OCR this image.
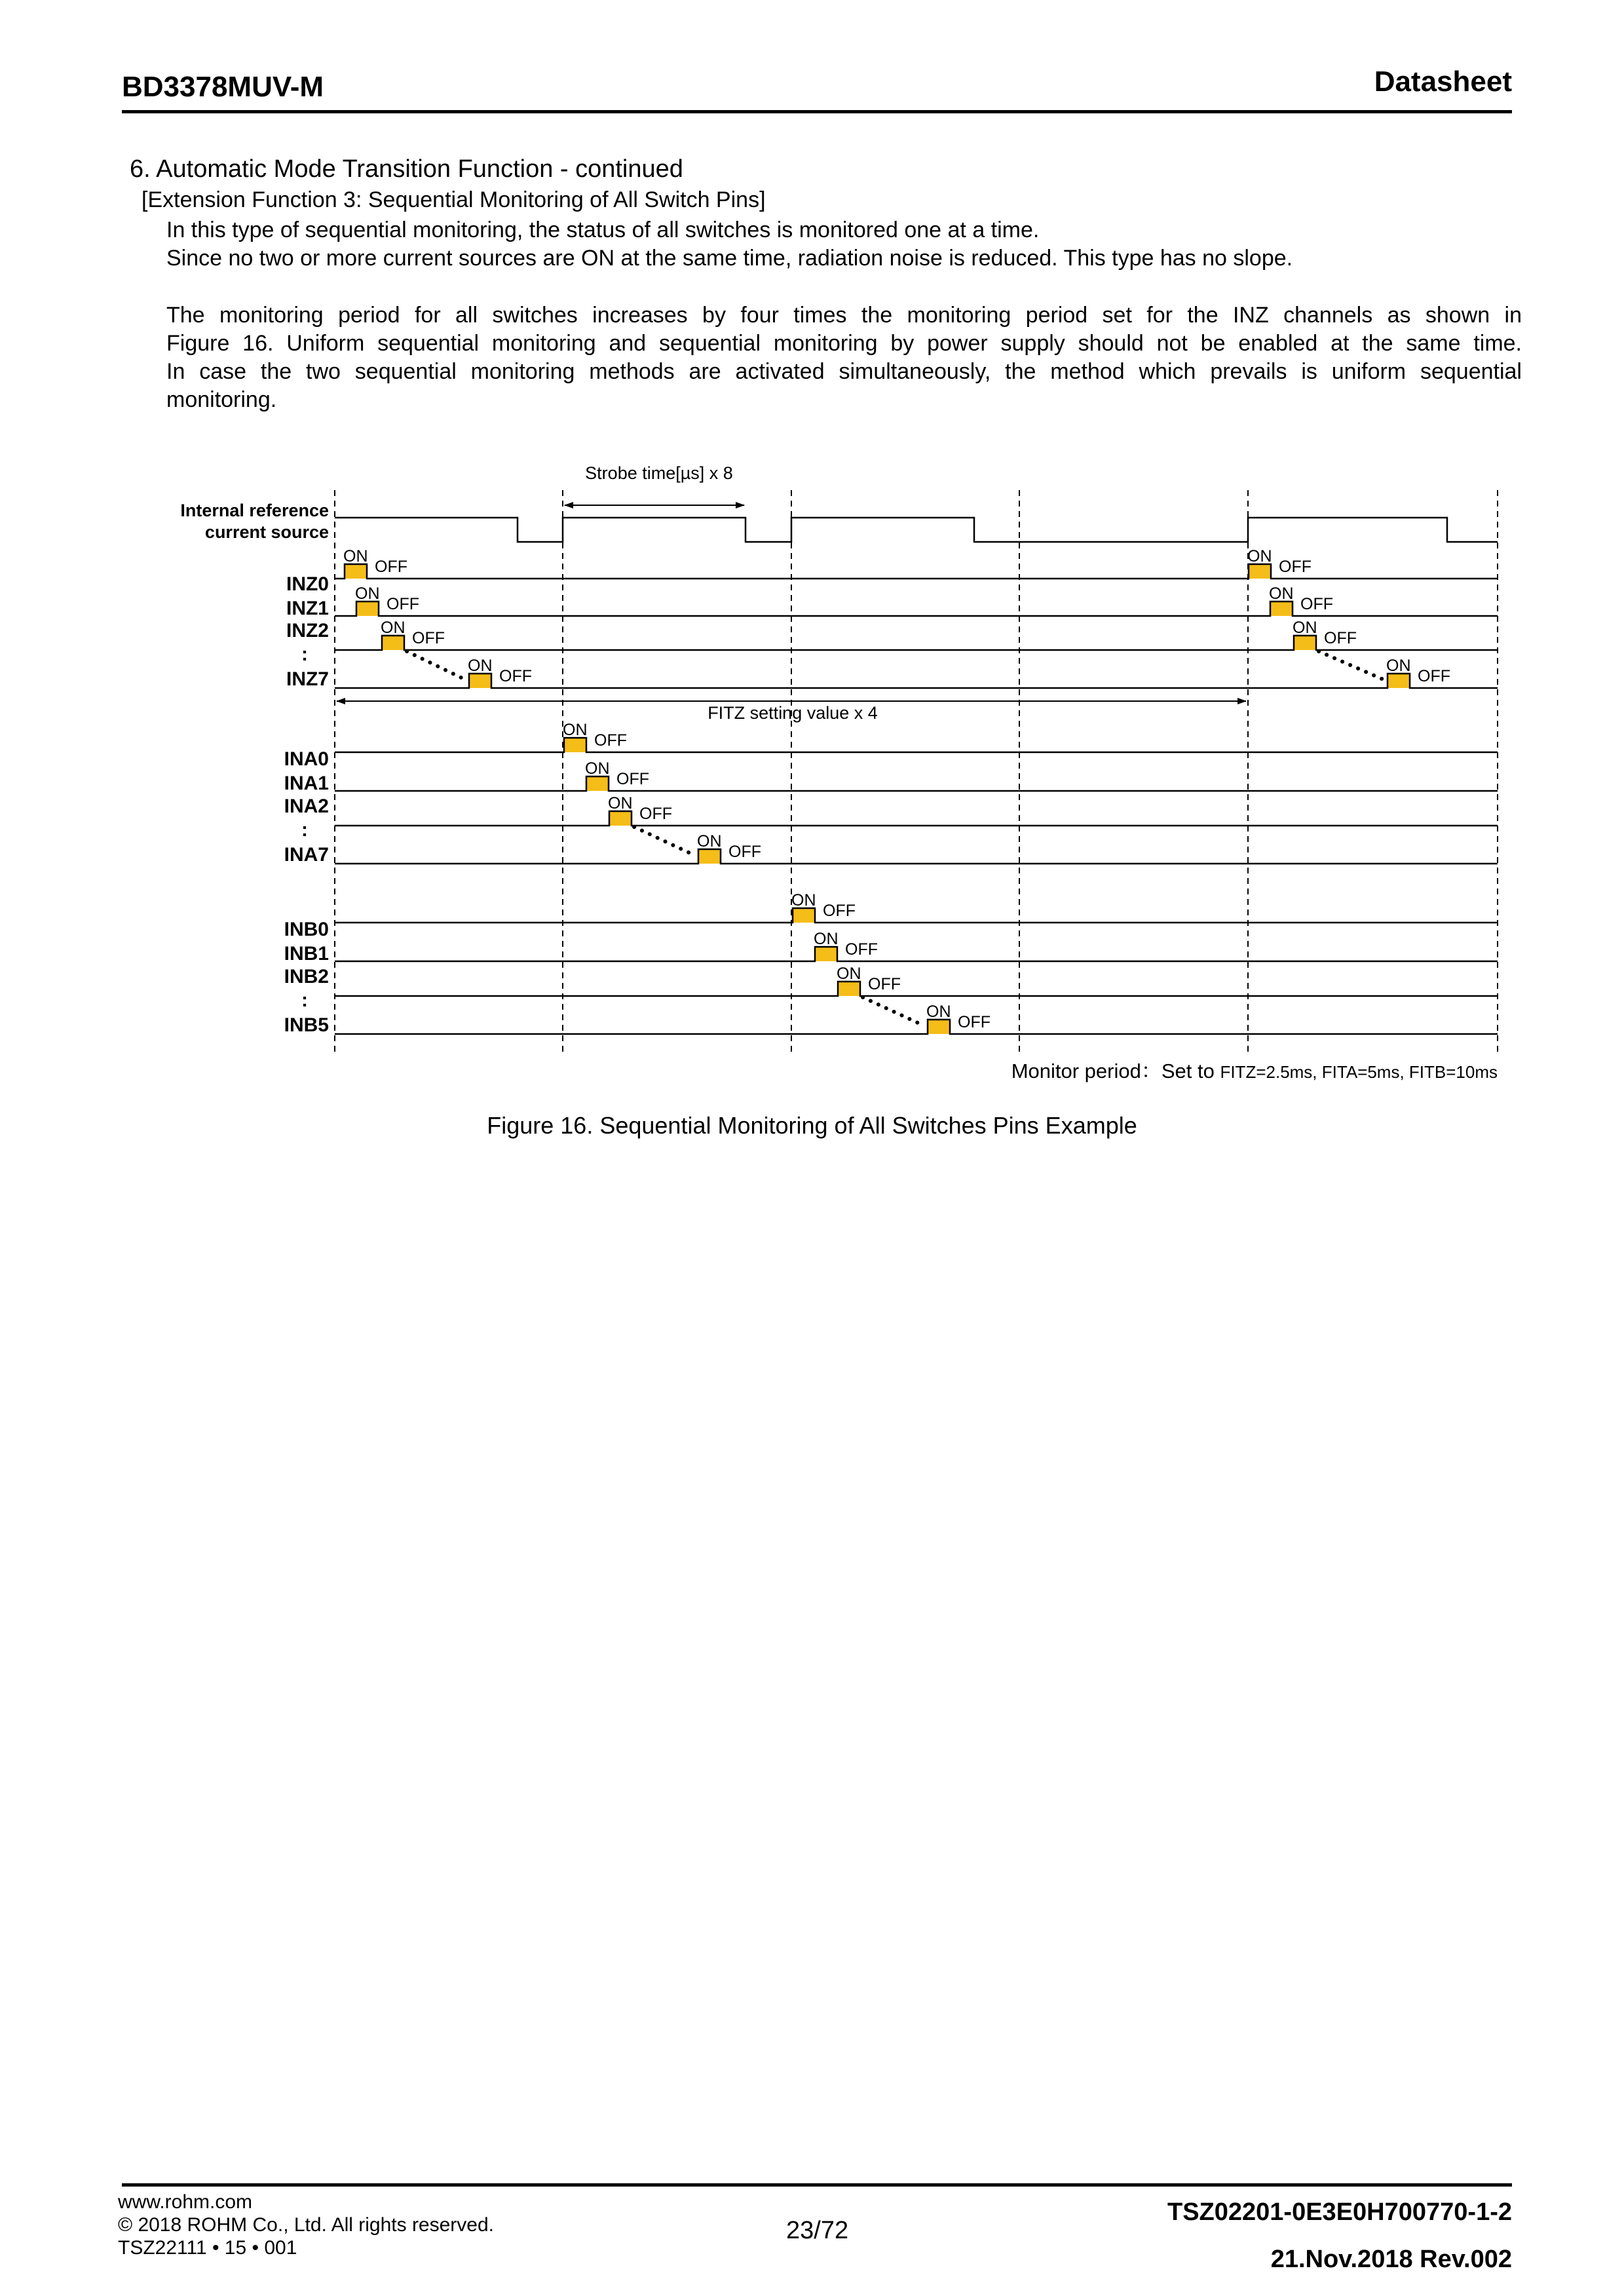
BD3378MUV-M	Datasheet
6. Automatic Mode Transition Function - continued
[Extension Function 3: Sequential Monitoring of All Switch Pins]
In this type of sequential monitoring, the status of all switches is monitored one at a time.
Since no two or more current sources are ON at the same time, radiation noise is reduced. This type has no slope.
The monitoring period for all switches increases by four times the monitoring period set for the INZ channels as shown in
Figure 16. Uniform sequential monitoring and sequential monitoring by power supply should not be enabled at the same time.
In case the two sequential monitoring methods are activated simultaneously, the method which prevails is uniform sequential
monitoring.
Strobe time[µs] x 8
Internal reference
current source
INZ0
INZ1
INZ2
:
INZ7
INA0
INA1
INA2
:
INA7
INB0
INB1
INB2
:
INB5
FITZ setting value x 4
ON
OFF
ON
OFF
ON
OFF
ON
OFF
ON
OFF
ON
OFF
ON
OFF
ON
OFF
ON
OFF
ON
OFF
ON
OFF
ON
OFF
ON
OFF
ON
OFF
ON
OFF
ON
OFF
Monitor period：Set to FITZ=2.5ms, FITA=5ms, FITB=10ms
Figure 16. Sequential Monitoring of All Switches Pins Example
www.rohm.com
© 2018 ROHM Co., Ltd. All rights reserved.
TSZ22111 • 15 • 001
23/72
TSZ02201-0E3E0H700770-1-2
21.Nov.2018 Rev.002
